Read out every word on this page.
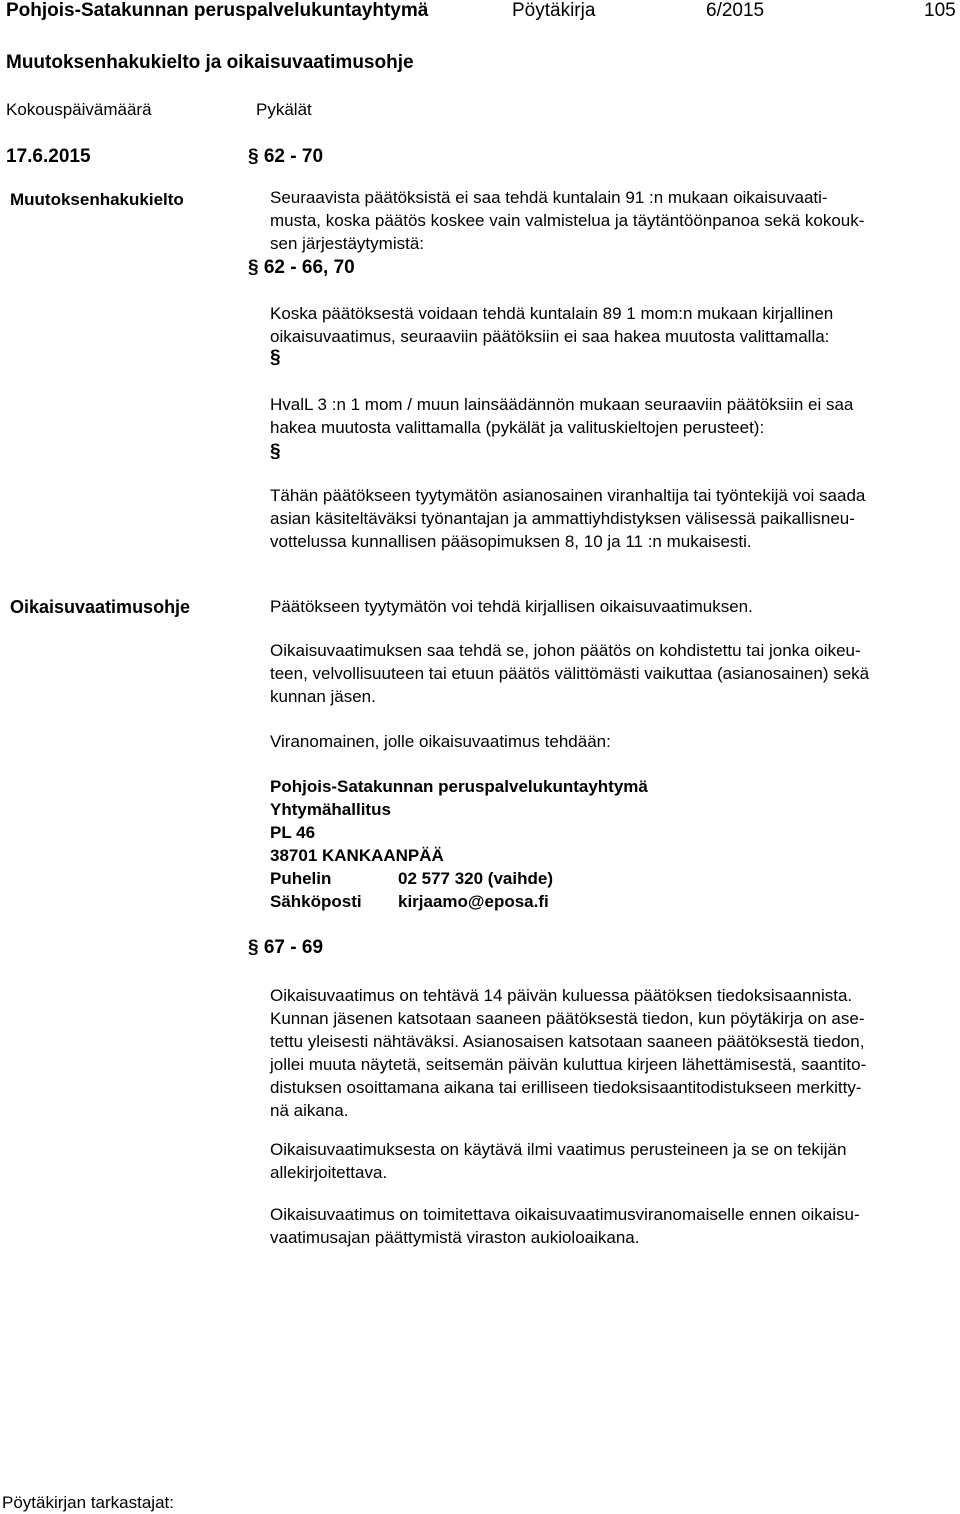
Pohjois-Satakunnan peruspalvelukuntayhtymä	Pöytäkirja	6/2015	105
Muutoksenhakukielto ja oikaisuvaatimusohje
Kokouspäivämäärä	Pykälät
17.6.2015	§ 62 - 70
Muutoksenhakukielto	Seuraavista päätöksistä ei saa tehdä kuntalain 91 :n mukaan oikaisuvaati-
musta, koska päätös koskee vain valmistelua ja täytäntöönpanoa sekä kokouk-
sen järjestäytymistä:
§ 62 - 66, 70
Koska päätöksestä voidaan tehdä kuntalain 89 1 mom:n mukaan kirjallinen
oikaisuvaatimus, seuraaviin päätöksiin ei saa hakea muutosta valittamalla:
§
HvalL 3 :n 1 mom / muun lainsäädännön mukaan seuraaviin päätöksiin ei saa
hakea muutosta valittamalla (pykälät ja valituskieltojen perusteet):
§
Tähän päätökseen tyytymätön asianosainen viranhaltija tai työntekijä voi saada
asian käsiteltäväksi työnantajan ja ammattiyhdistyksen välisessä paikallisneu-
vottelussa kunnallisen pääsopimuksen 8, 10 ja 11 :n mukaisesti.
Oikaisuvaatimusohje	Päätökseen tyytymätön voi tehdä kirjallisen oikaisuvaatimuksen.
Oikaisuvaatimuksen saa tehdä se, johon päätös on kohdistettu tai jonka oikeu-
teen, velvollisuuteen tai etuun päätös välittömästi vaikuttaa (asianosainen) sekä
kunnan jäsen.
Viranomainen, jolle oikaisuvaatimus tehdään:
Pohjois-Satakunnan peruspalvelukuntayhtymä
Yhtymähallitus
PL 46
38701 KANKAANPÄÄ
Puhelin	02 577 320 (vaihde)
Sähköposti	kirjaamo@eposa.fi
§ 67 - 69
Oikaisuvaatimus on tehtävä 14 päivän kuluessa päätöksen tiedoksisaannista.
Kunnan jäsenen katsotaan saaneen päätöksestä tiedon, kun pöytäkirja on ase-
tettu yleisesti nähtäväksi. Asianosaisen katsotaan saaneen päätöksestä tiedon,
jollei muuta näytetä, seitsemän päivän kuluttua kirjeen lähettämisestä, saantito-
distuksen osoittamana aikana tai erilliseen tiedoksisaantitodistukseen merkitty-
nä aikana.
Oikaisuvaatimuksesta on käytävä ilmi vaatimus perusteineen ja se on tekijän
allekirjoitettava.
Oikaisuvaatimus on toimitettava oikaisuvaatimusviranomaiselle ennen oikaisu-
vaatimusajan päättymistä viraston aukioloaikana.
Pöytäkirjan tarkastajat:
